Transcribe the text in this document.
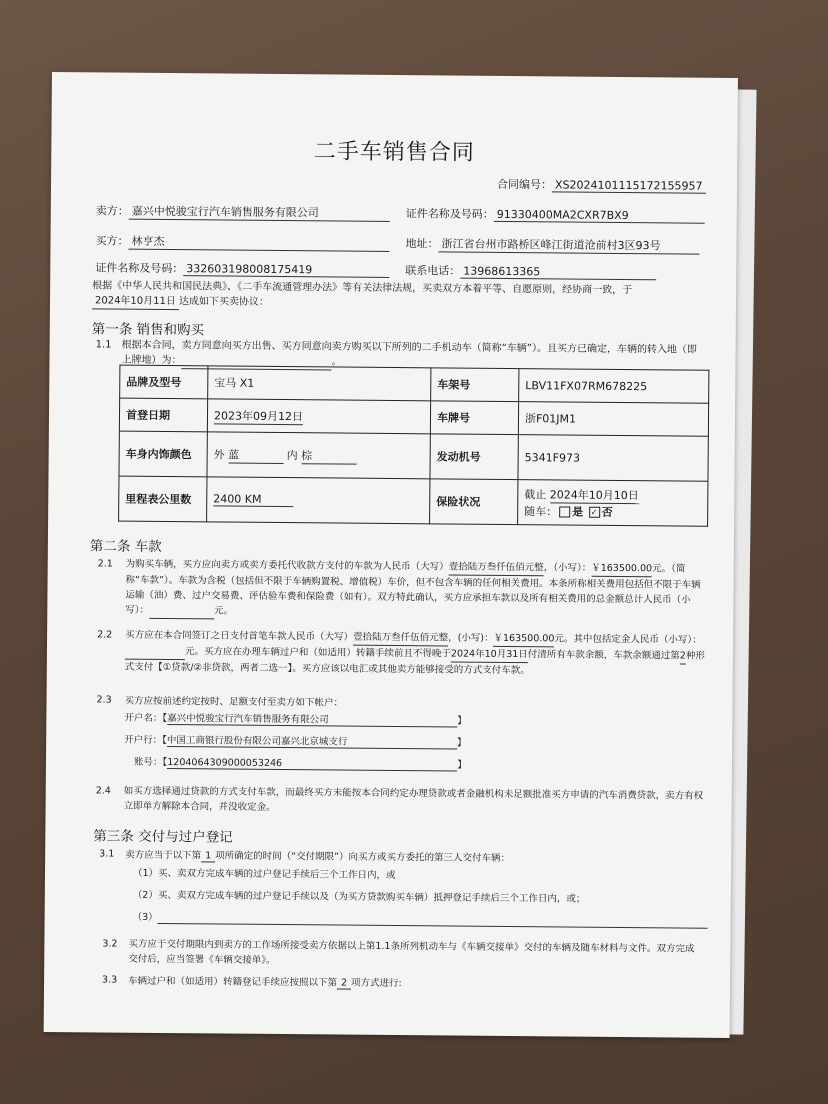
二手车销售合同
合同编号： XS2024101115172155957
卖方： 嘉兴中悦骏宝行汽车销售服务有限公司	证件名称及号码： 91330400MA2CXR7BX9
买方： 林亨杰	地址： 浙江省台州市路桥区峰江街道沧前村3区93号
证件名称及号码： 332603198008175419	联系电话： 13968613365
根据《中华人民共和国民法典》、《二手车流通管理办法》等有关法律法规，买卖双方本着平等、自愿原则，经协商一致，于2024年10月11日 达成如下买卖协议：
第一条 销售和购买
1.1 根据本合同，卖方同意向买方出售、买方同意向卖方购买以下所列的二手机动车（简称“车辆”）。且买方已确定，车辆的转入地（即上牌地）为：	。
品牌及型号	宝马 X1	车架号	LBV11FX07RM678225
首登日期	2023年09月12日	车牌号	浙F01JM1
车身内饰颜色	外 蓝 内 棕	发动机号	5341F973
里程表公里数	2400 KM	保险状况	截止 2024年10月10日
随车： 是 ✓ 否
第二条 车款
2.1 为购买车辆，买方应向卖方或卖方委托代收款方支付的车款为人民币（大写）壹拾陆万叁仟伍佰元整，（小写）：￥163500.00元。（简称“车款”）。车款为含税（包括但不限于车辆购置税、增值税）车价，但不包含车辆的任何相关费用。本条所称相关费用包括但不限于车辆运输（油）费、过户交易费、评估验车费和保险费（如有）。双方特此确认，买方应承担车款以及所有相关费用的总金额总计人民币（小写）：	元。
2.2 买方应在本合同签订之日支付首笔车款人民币（大写）壹拾陆万叁仟伍佰元整，(小写)：￥163500.00元。其中包括定金人民币（小写）： 元。买方应在办理车辆过户和（如适用）转籍手续前且不得晚于2024年10月31日付清所有车款余额，车款余额通过第2种形式支付【①贷款/②非贷款，两者二选一】。买方应该以电汇或其他卖方能够接受的方式支付车款。
2.3 买方应按前述约定按时、足额支付至卖方如下帐户：
开户名：【嘉兴中悦骏宝行汽车销售服务有限公司	】
开户行：【中国工商银行股份有限公司嘉兴北京城支行	】
账号：【1204064309000053246	】
2.4 如买方选择通过贷款的方式支付车款，而最终买方未能按本合同约定办理贷款或者金融机构未足额批准买方申请的汽车消费贷款，卖方有权立即单方解除本合同，并没收定金。
第三条 交付与过户登记
3.1 卖方应当于以下第 1 项所确定的时间（“交付期限”）向买方或买方委托的第三人交付车辆：
（1）买、卖双方完成车辆的过户登记手续后三个工作日内，或
（2）买、卖双方完成车辆的过户登记手续以及（为买方贷款购买车辆）抵押登记手续后三个工作日内，或；
（3）
3.2 买方应于交付期限内到卖方的工作场所接受卖方依据以上第1.1条所列机动车与《车辆交接单》交付的车辆及随车材料与文件。双方完成交付后，应当签署《车辆交接单》。
3.3 车辆过户和（如适用）转籍登记手续应按照以下第 2 项方式进行:
